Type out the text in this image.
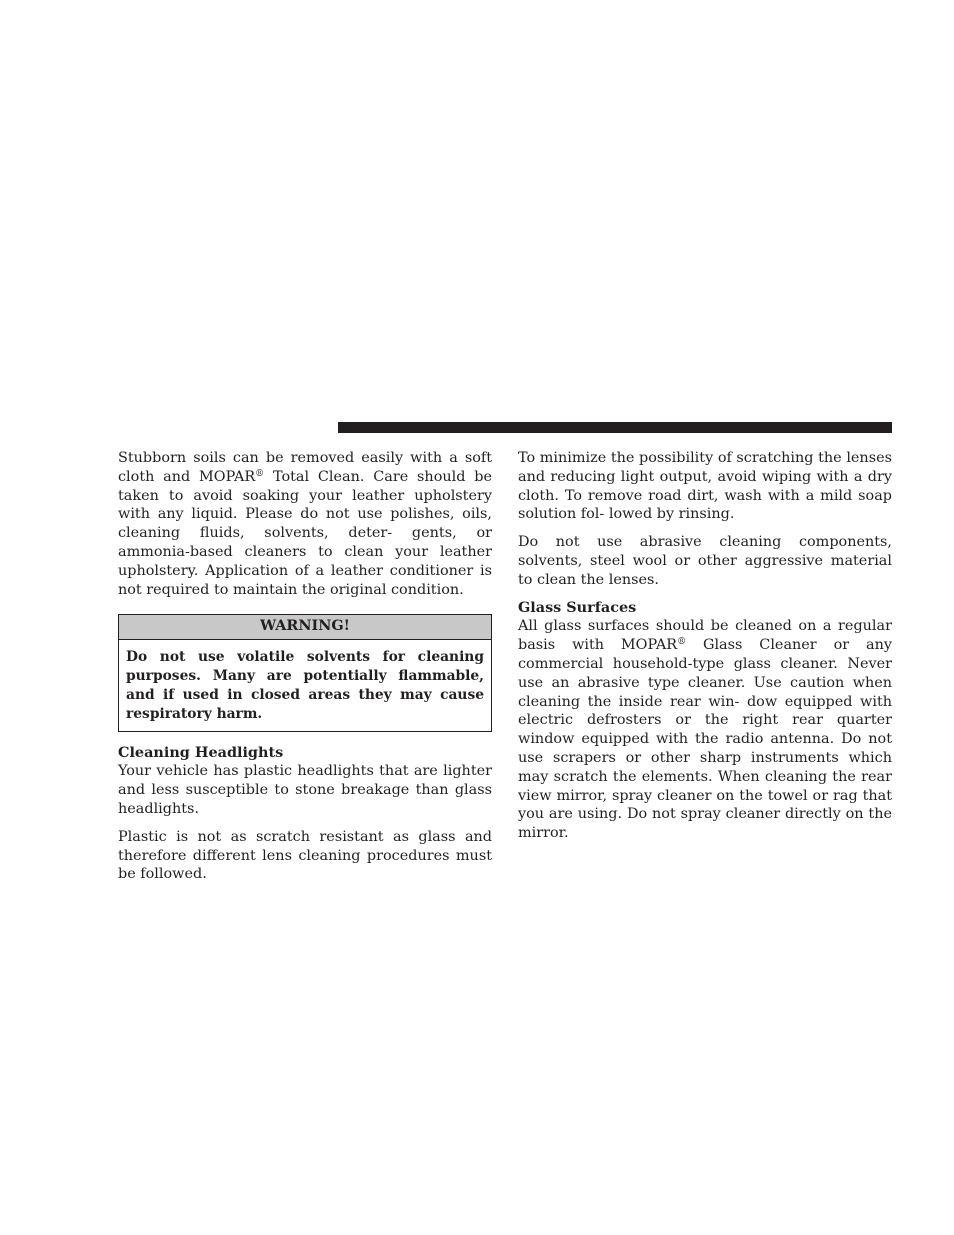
Stubborn soils can be removed easily with a soft cloth and MOPAR® Total Clean. Care should be taken to avoid soaking your leather upholstery with any liquid. Please do not use polishes, oils, cleaning fluids, solvents, deter- gents, or ammonia-based cleaners to clean your leather upholstery. Application of a leather conditioner is not required to maintain the original condition.

WARNING!
Do not use volatile solvents for cleaning purposes. Many are potentially flammable, and if used in closed areas they may cause respiratory harm.
Cleaning Headlights

Your vehicle has plastic headlights that are lighter and less susceptible to stone breakage than glass headlights.

Plastic is not as scratch resistant as glass and therefore different lens cleaning procedures must be followed.

To minimize the possibility of scratching the lenses and reducing light output, avoid wiping with a dry cloth. To remove road dirt, wash with a mild soap solution fol- lowed by rinsing.

Do not use abrasive cleaning components, solvents, steel wool or other aggressive material to clean the lenses.

Glass Surfaces

All glass surfaces should be cleaned on a regular basis with MOPAR® Glass Cleaner or any commercial household-type glass cleaner. Never use an abrasive type cleaner. Use caution when cleaning the inside rear win- dow equipped with electric defrosters or the right rear quarter window equipped with the radio antenna. Do not use scrapers or other sharp instruments which may scratch the elements. When cleaning the rear view mirror, spray cleaner on the towel or rag that you are using. Do not spray cleaner directly on the mirror.
